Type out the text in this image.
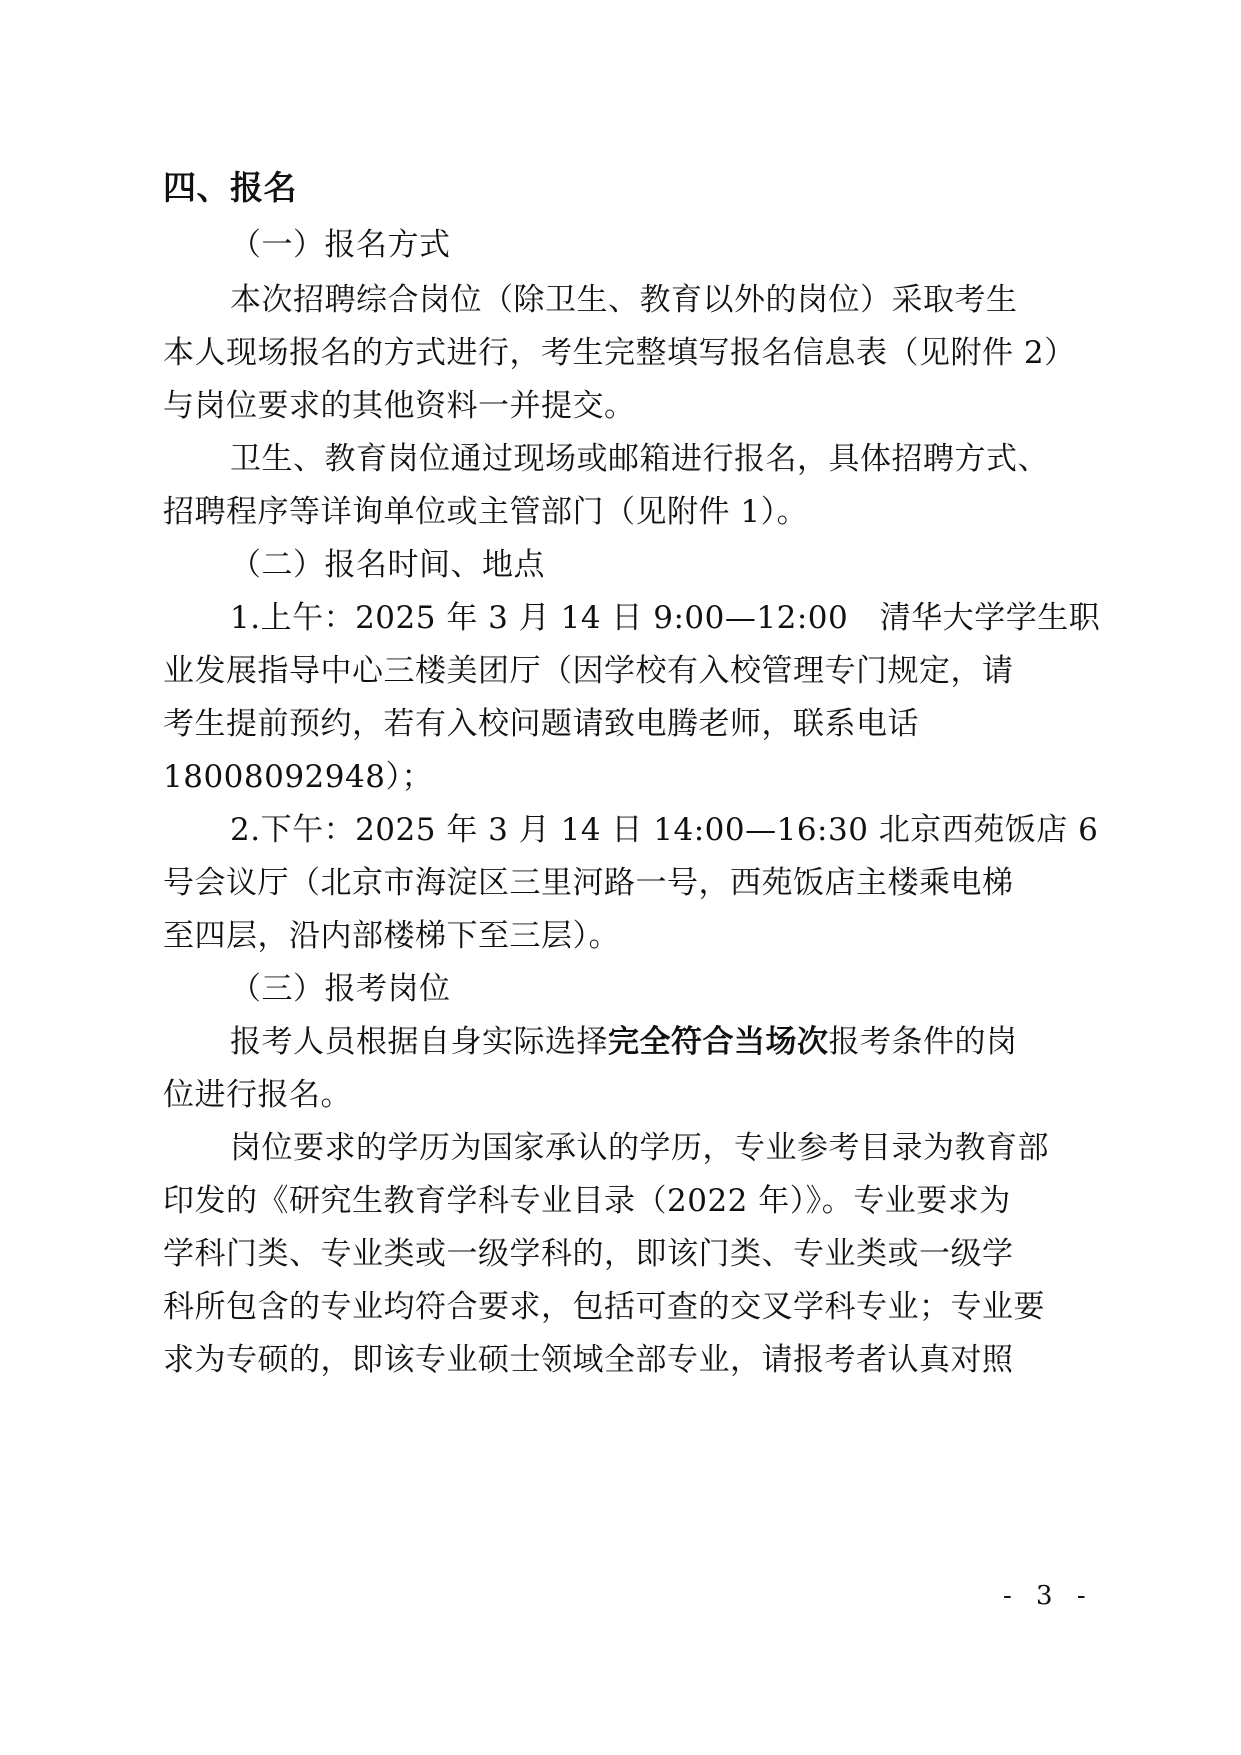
四、报名
（一）报名方式
本次招聘综合岗位（除卫生、教育以外的岗位）采取考生
本人现场报名的方式进行，考生完整填写报名信息表（见附件 2）
与岗位要求的其他资料一并提交。
卫生、教育岗位通过现场或邮箱进行报名，具体招聘方式、
招聘程序等详询单位或主管部门（见附件 1）。
（二）报名时间、地点
1.上午：2025 年 3 月 14 日 9:00—12:00　清华大学学生职
业发展指导中心三楼美团厅（因学校有入校管理专门规定，请
考生提前预约，若有入校问题请致电腾老师，联系电话
18008092948）；
2.下午：2025 年 3 月 14 日 14:00—16:30 北京西苑饭店 6
号会议厅（北京市海淀区三里河路一号，西苑饭店主楼乘电梯
至四层，沿内部楼梯下至三层）。
（三）报考岗位
报考人员根据自身实际选择完全符合当场次报考条件的岗
位进行报名。
岗位要求的学历为国家承认的学历，专业参考目录为教育部
印发的《研究生教育学科专业目录（2022 年）》。专业要求为
学科门类、专业类或一级学科的，即该门类、专业类或一级学
科所包含的专业均符合要求，包括可查的交叉学科专业；专业要
求为专硕的，即该专业硕士领域全部专业，请报考者认真对照
- 3 -
